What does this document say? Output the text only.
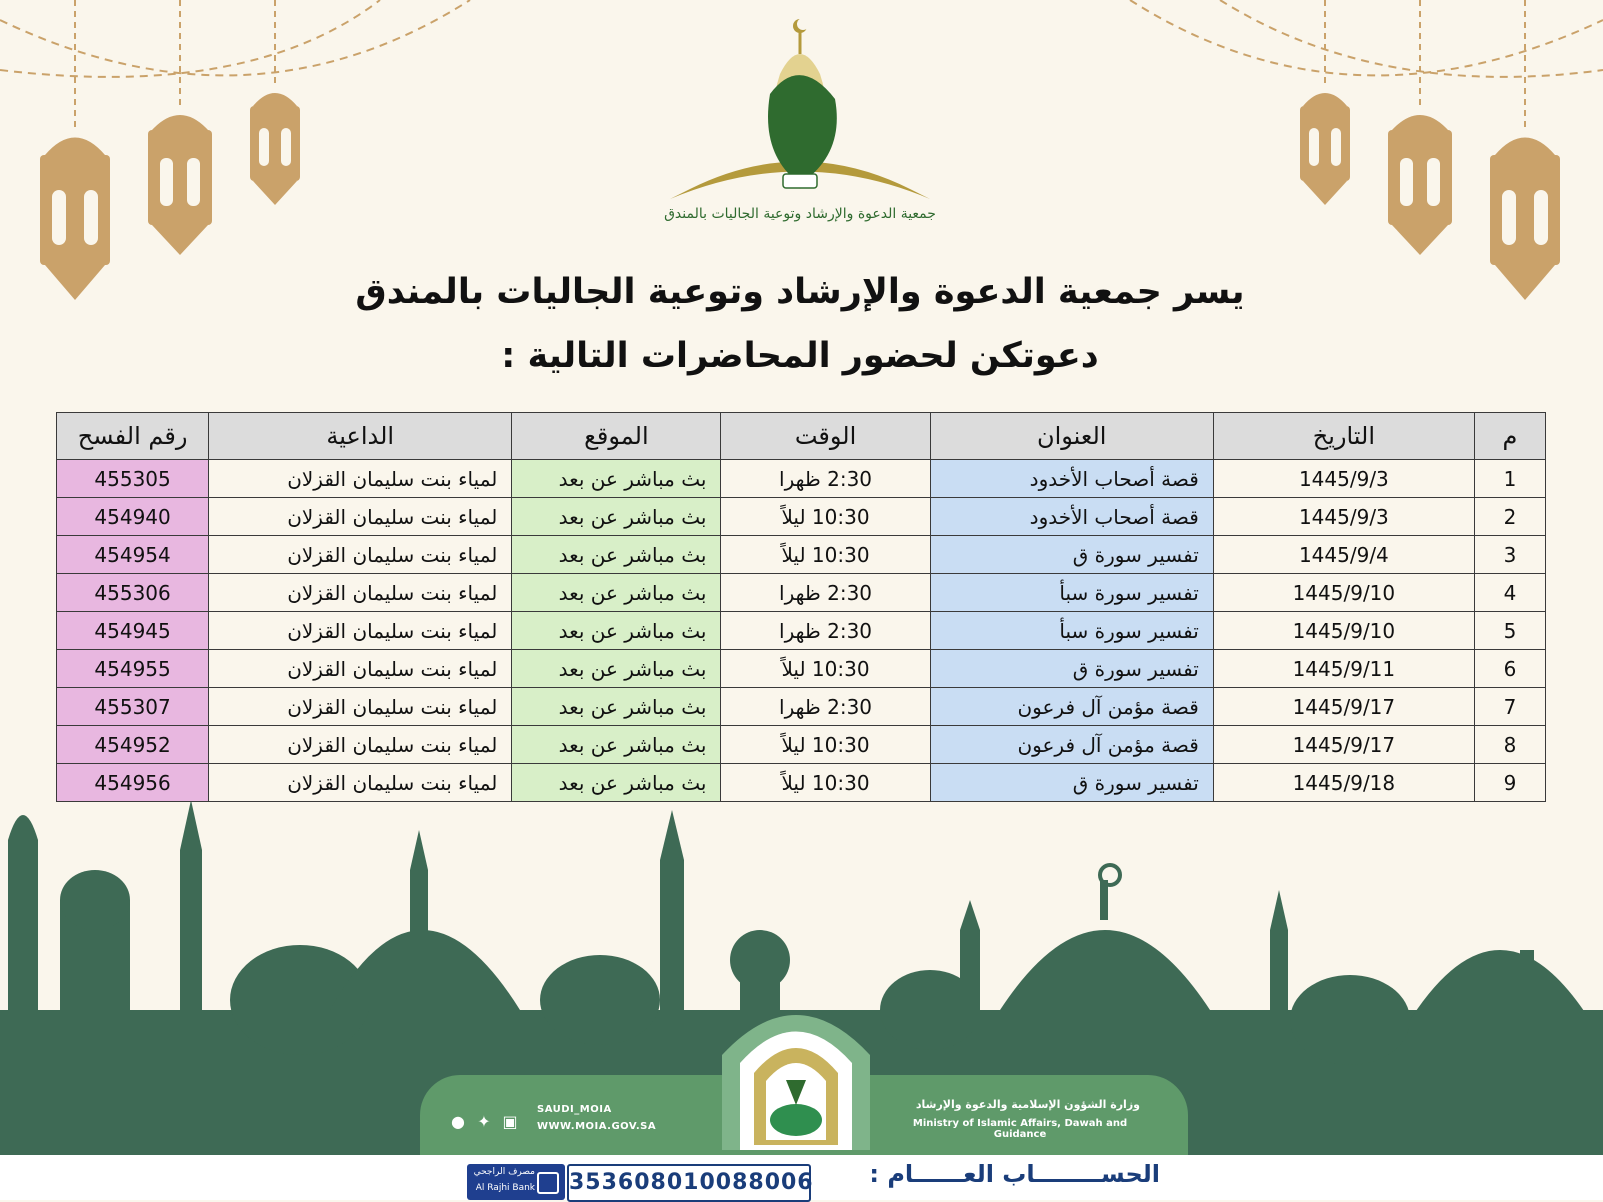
جمعية الدعوة والإرشاد وتوعية الجاليات بالمندق
يسر جمعية الدعوة والإرشاد وتوعية الجاليات بالمندق
دعوتكن لحضور المحاضرات التالية :
م	التاريخ	العنوان	الوقت	الموقع	الداعية	رقم الفسح
1	1445/9/3	قصة أصحاب الأخدود	2:30 ظهرا	بث مباشر عن بعد	لمياء بنت سليمان القزلان	455305
2	1445/9/3	قصة أصحاب الأخدود	10:30 ليلاً	بث مباشر عن بعد	لمياء بنت سليمان القزلان	454940
3	1445/9/4	تفسير سورة ق	10:30 ليلاً	بث مباشر عن بعد	لمياء بنت سليمان القزلان	454954
4	1445/9/10	تفسير سورة سبأ	2:30 ظهرا	بث مباشر عن بعد	لمياء بنت سليمان القزلان	455306
5	1445/9/10	تفسير سورة سبأ	2:30 ظهرا	بث مباشر عن بعد	لمياء بنت سليمان القزلان	454945
6	1445/9/11	تفسير سورة ق	10:30 ليلاً	بث مباشر عن بعد	لمياء بنت سليمان القزلان	454955
7	1445/9/17	قصة مؤمن آل فرعون	2:30 ظهرا	بث مباشر عن بعد	لمياء بنت سليمان القزلان	455307
8	1445/9/17	قصة مؤمن آل فرعون	10:30 ليلاً	بث مباشر عن بعد	لمياء بنت سليمان القزلان	454952
9	1445/9/18	تفسير سورة ق	10:30 ليلاً	بث مباشر عن بعد	لمياء بنت سليمان القزلان	454956
SAUDI_MOIA
WWW.MOIA.GOV.SA
● ✦ ▣
وزارة الشؤون الإسلامية والدعوة والإرشاد
Ministry of Islamic Affairs, Dawah and Guidance
الحســــــــاب العــــــام :
353608010088006
مصرف الراجحي
Al Rajhi Bank
